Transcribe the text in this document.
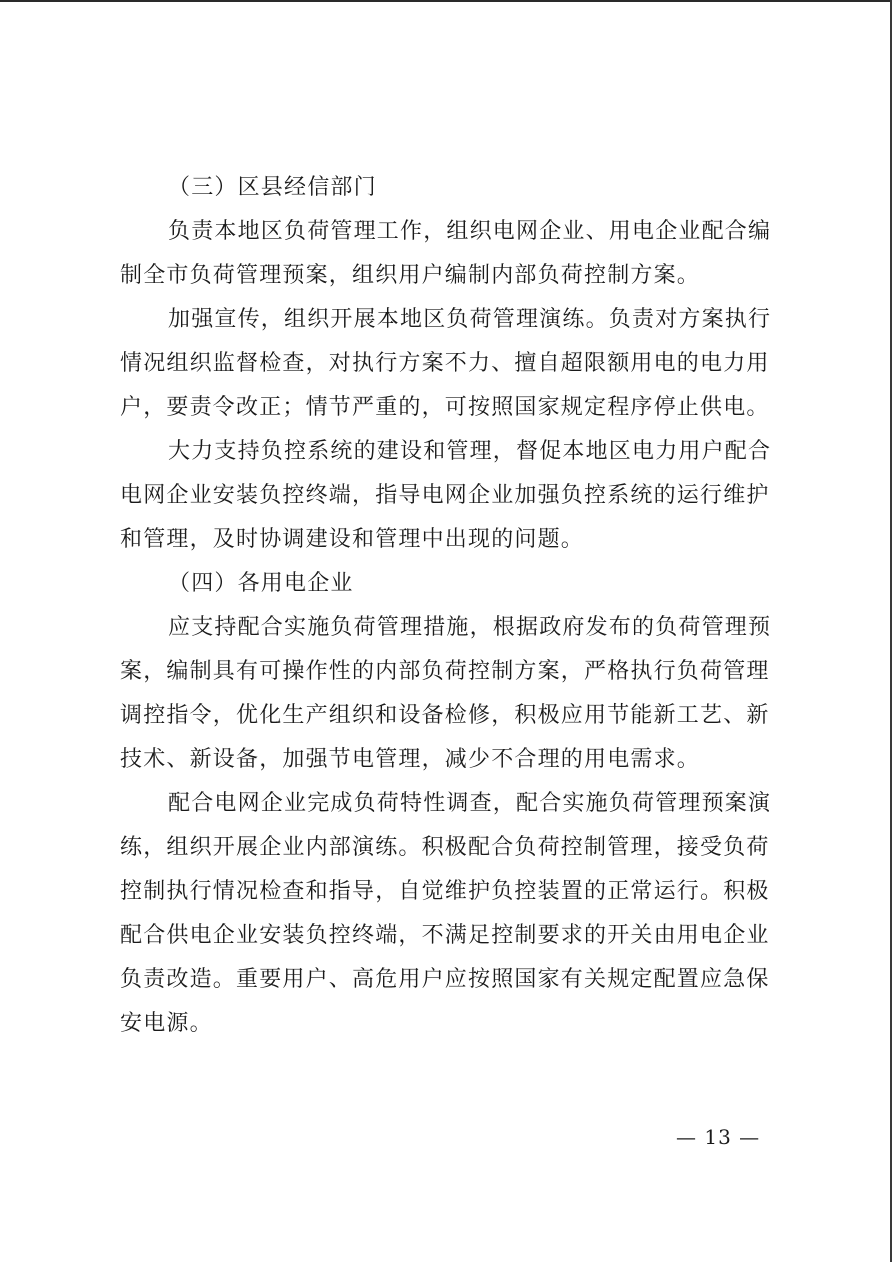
（三）区县经信部门
负责本地区负荷管理工作，组织电网企业、用电企业配合编
制全市负荷管理预案，组织用户编制内部负荷控制方案。
加强宣传，组织开展本地区负荷管理演练。负责对方案执行
情况组织监督检查，对执行方案不力、擅自超限额用电的电力用
户，要责令改正；情节严重的，可按照国家规定程序停止供电。
大力支持负控系统的建设和管理，督促本地区电力用户配合
电网企业安装负控终端，指导电网企业加强负控系统的运行维护
和管理，及时协调建设和管理中出现的问题。
（四）各用电企业
应支持配合实施负荷管理措施，根据政府发布的负荷管理预
案，编制具有可操作性的内部负荷控制方案，严格执行负荷管理
调控指令，优化生产组织和设备检修，积极应用节能新工艺、新
技术、新设备，加强节电管理，减少不合理的用电需求。
配合电网企业完成负荷特性调查，配合实施负荷管理预案演
练，组织开展企业内部演练。积极配合负荷控制管理，接受负荷
控制执行情况检查和指导，自觉维护负控装置的正常运行。积极
配合供电企业安装负控终端，不满足控制要求的开关由用电企业
负责改造。重要用户、高危用户应按照国家有关规定配置应急保
安电源。
— 13 —
